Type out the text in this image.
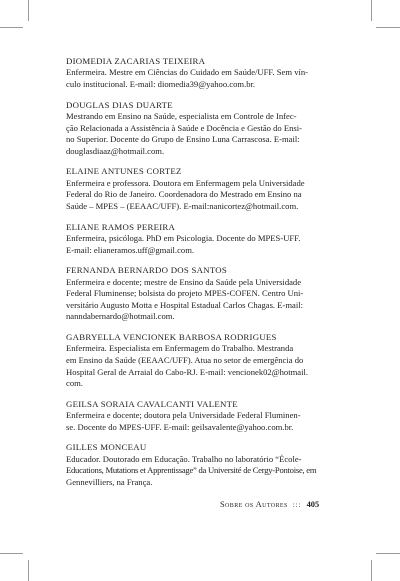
DIOMEDIA ZACARIAS TEIXEIRA

Enfermeira. Mestre em Ciências do Cuidado em Saúde/UFF. Sem vín-
culo institucional. E-mail: diomedia39@yahoo.com.br.

DOUGLAS DIAS DUARTE

Mestrando em Ensino na Saúde, especialista em Controle de Infec-
ção Relacionada a Assistência à Saúde e Docência e Gestão do Ensi-
no Superior. Docente do Grupo de Ensino Luna Carrascosa. E-mail:
douglasdiaaz@hotmail.com.

ELAINE ANTUNES CORTEZ

Enfermeira e professora. Doutora em Enfermagem pela Universidade
Federal do Rio de Janeiro. Coordenadora do Mestrado em Ensino na
Saúde – MPES – (EEAAC/UFF). E-mail:nanicortez@hotmail.com.

ELIANE RAMOS PEREIRA

Enfermeira, psicóloga. PhD em Psicologia. Docente do MPES-UFF.
E-mail: elianeramos.uff@gmail.com.

FERNANDA BERNARDO DOS SANTOS

Enfermeira e docente; mestre de Ensino da Saúde pela Universidade
Federal Fluminense; bolsista do projeto MPES-COFEN. Centro Uni-
versitário Augusto Motta e Hospital Estadual Carlos Chagas. E-mail:
nanndabernardo@hotmail.com.

GABRYELLA VENCIONEK BARBOSA RODRIGUES

Enfermeira. Especialista em Enfermagem do Trabalho. Mestranda
em Ensino da Saúde (EEAAC/UFF). Atua no setor de emergência do
Hospital Geral de Arraial do Cabo-RJ. E-mail: vencionek02@hotmail.
com.

GEILSA SORAIA CAVALCANTI VALENTE

Enfermeira e docente; doutora pela Universidade Federal Fluminen-
se. Docente do MPES-UFF. E-mail: geilsavalente@yahoo.com.br.

GILLES MONCEAU

Educador. Doutorado em Educação. Trabalho no laboratório “École-
Educations, Mutations et Apprentissage” da Université de Cergy-Pontoise, em
Gennevilliers, na França.

Sobre os Autores ::: 405
